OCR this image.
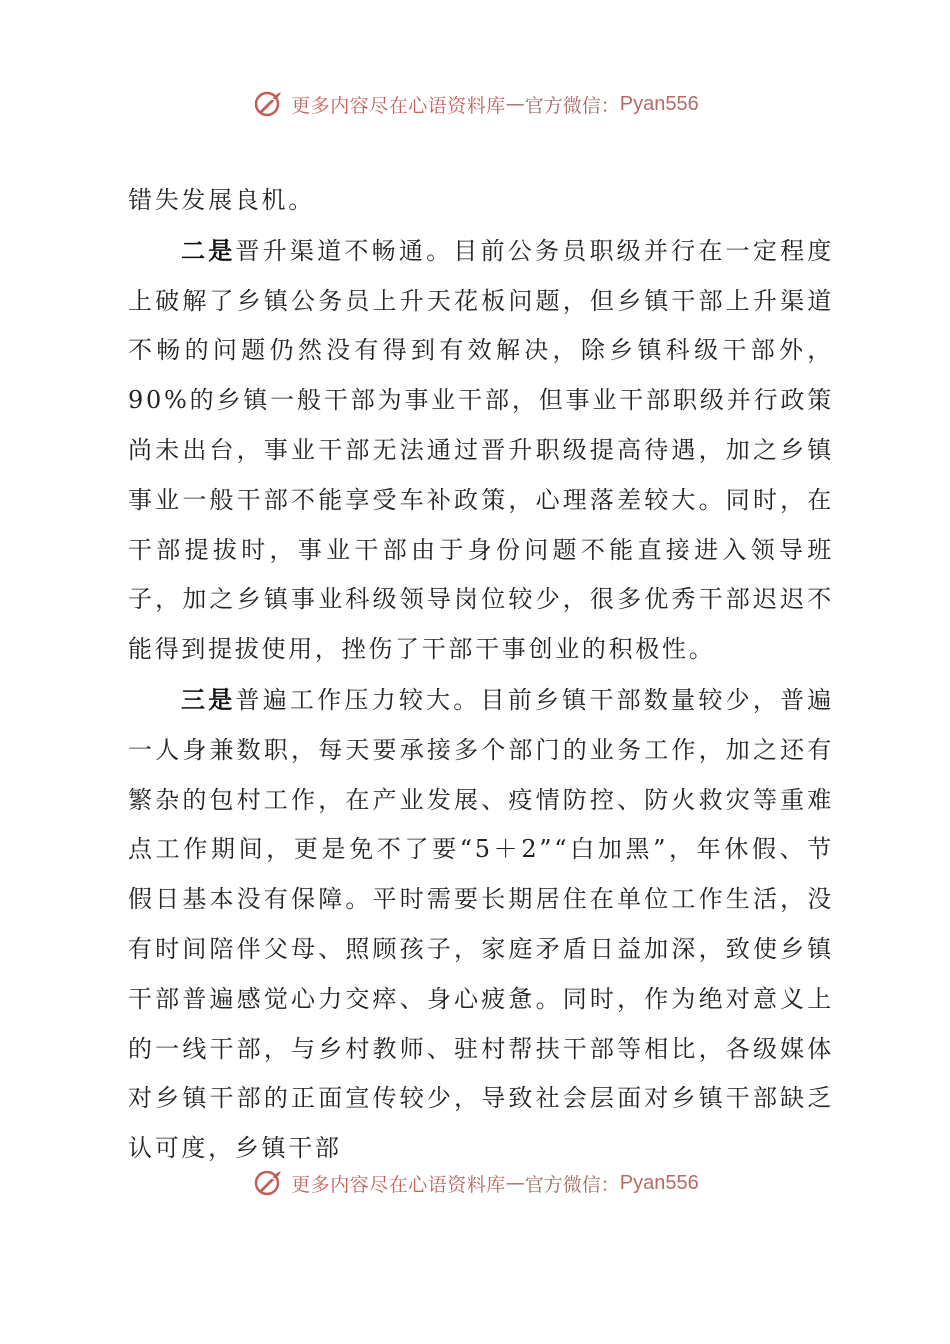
更多内容尽在心语资料库 — 官方微信： Pyan556

错失发展良机。

二是晋升渠道不畅通。目前公务员职级并行在一定程度上破解了乡镇公务员上升天花板问题，但乡镇干部上升渠道不畅的问题仍然没有得到有效解决，除乡镇科级干部外，90%的乡镇一般干部为事业干部，但事业干部职级并行政策尚未出台，事业干部无法通过晋升职级提高待遇，加之乡镇事业一般干部不能享受车补政策，心理落差较大。同时，在干部提拔时，事业干部由于身份问题不能直接进入领导班子，加之乡镇事业科级领导岗位较少，很多优秀干部迟迟不能得到提拔使用，挫伤了干部干事创业的积极性。

三是普遍工作压力较大。目前乡镇干部数量较少，普遍一人身兼数职，每天要承接多个部门的业务工作，加之还有繁杂的包村工作，在产业发展、疫情防控、防火救灾等重难点工作期间，更是免不了要“5＋2”“白加黑”，年休假、节假日基本没有保障。平时需要长期居住在单位工作生活，没有时间陪伴父母、照顾孩子，家庭矛盾日益加深，致使乡镇干部普遍感觉心力交瘁、身心疲惫。同时，作为绝对意义上的一线干部，与乡村教师、驻村帮扶干部等相比，各级媒体对乡镇干部的正面宣传较少，导致社会层面对乡镇干部缺乏认可度，乡镇干部

更多内容尽在心语资料库 — 官方微信： Pyan556
